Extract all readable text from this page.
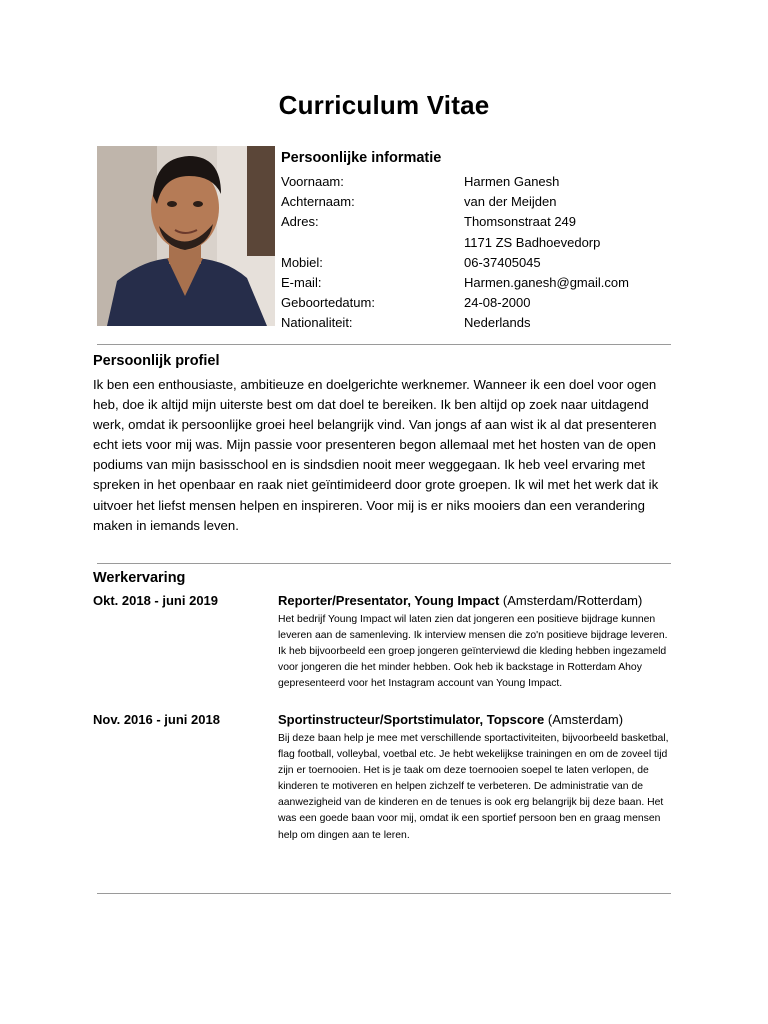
Curriculum Vitae
Persoonlijke informatie
Voornaam:	Harmen Ganesh
Achternaam:	van der Meijden
Adres:	Thomsonstraat 249
1171 ZS Badhoevedorp
Mobiel:	06-37405045
E-mail:	Harmen.ganesh@gmail.com
Geboortedatum:	24-08-2000
Nationaliteit:	Nederlands
Persoonlijk profiel
Ik ben een enthousiaste, ambitieuze en doelgerichte werknemer. Wanneer ik een doel voor ogen heb, doe ik altijd mijn uiterste best om dat doel te bereiken. Ik ben altijd op zoek naar uitdagend werk, omdat ik persoonlijke groei heel belangrijk vind. Van jongs af aan wist ik al dat presenteren echt iets voor mij was. Mijn passie voor presenteren begon allemaal met het hosten van de open podiums van mijn basisschool en is sindsdien nooit meer weggegaan. Ik heb veel ervaring met spreken in het openbaar en raak niet geïntimideerd door grote groepen. Ik wil met het werk dat ik uitvoer het liefst mensen helpen en inspireren. Voor mij is er niks mooiers dan een verandering maken in iemands leven.
Werkervaring
Okt. 2018 - juni 2019	Reporter/Presentator, Young Impact (Amsterdam/Rotterdam)
Het bedrijf Young Impact wil laten zien dat jongeren een positieve bijdrage kunnen leveren aan de samenleving. Ik interview mensen die zo'n positieve bijdrage leveren. Ik heb bijvoorbeeld een groep jongeren geïnterviewd die kleding hebben ingezameld voor jongeren die het minder hebben. Ook heb ik backstage in Rotterdam Ahoy gepresenteerd voor het Instagram account van Young Impact.
Nov. 2016 - juni 2018	Sportinstructeur/Sportstimulator, Topscore (Amsterdam)
Bij deze baan help je mee met verschillende sportactiviteiten, bijvoorbeeld basketbal, flag football, volleybal, voetbal etc. Je hebt wekelijkse trainingen en om de zoveel tijd zijn er toernooien. Het is je taak om deze toernooien soepel te laten verlopen, de kinderen te motiveren en helpen zichzelf te verbeteren. De administratie van de aanwezigheid van de kinderen en de tenues is ook erg belangrijk bij deze baan. Het was een goede baan voor mij, omdat ik een sportief persoon ben en graag mensen help om dingen aan te leren.
